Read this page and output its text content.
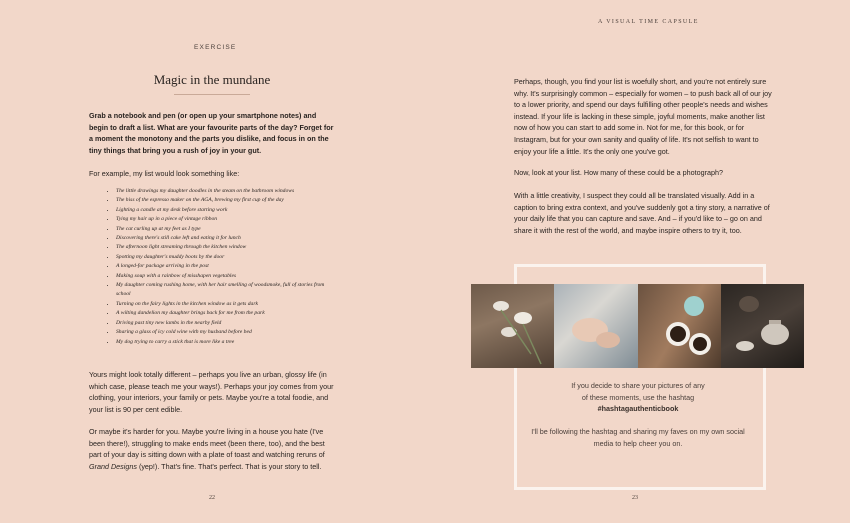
A VISUAL TIME CAPSULE
EXERCISE
Magic in the mundane
Grab a notebook and pen (or open up your smartphone notes) and begin to draft a list. What are your favourite parts of the day? Forget for a moment the monotony and the parts you dislike, and focus in on the tiny things that bring you a rush of joy in your gut.
For example, my list would look something like:
• The little drawings my daughter doodles in the steam on the bathroom windows
• The hiss of the espresso maker on the AGA, brewing my first cup of the day
• Lighting a candle at my desk before starting work
• Tying my hair up in a piece of vintage ribbon
• The cat curling up at my feet as I type
• Discovering there's still cake left and eating it for lunch
• The afternoon light streaming through the kitchen window
• Spotting my daughter's muddy boots by the door
• A longed-for package arriving in the post
• Making soup with a rainbow of misshapen vegetables
• My daughter coming rushing home, with her hair smelling of woodsmoke, full of stories from school
• Turning on the fairy lights in the kitchen window as it gets dark
• A wilting dandelion my daughter brings back for me from the park
• Driving past tiny new lambs in the nearby field
• Sharing a glass of icy cold wine with my husband before bed
• My dog trying to carry a stick that is more like a tree
Yours might look totally different – perhaps you live an urban, glossy life (in which case, please teach me your ways!). Perhaps your joy comes from your clothing, your interiors, your family or pets. Maybe you're a total foodie, and your list is 90 per cent edible.
Or maybe it's harder for you. Maybe you're living in a house you hate (I've been there!), struggling to make ends meet (been there, too), and the best part of your day is sitting down with a plate of toast and watching reruns of Grand Designs (yep!). That's fine. That's perfect. That is your story to tell.
22	23
Perhaps, though, you find your list is woefully short, and you're not entirely sure why. It's surprisingly common – especially for women – to push back all of our joy to a lower priority, and spend our days fulfilling other people's needs and wishes instead. If your life is lacking in these simple, joyful moments, make another list now of how you can start to add some in. Not for me, for this book, or for Instagram, but for your own sanity and quality of life. It's not selfish to want to enjoy your life a little. It's the only one you've got.
Now, look at your list. How many of these could be a photograph?
With a little creativity, I suspect they could all be translated visually. Add in a caption to bring extra context, and you've suddenly got a tiny story, a narrative of your daily life that you can capture and save. And – if you'd like to – go on and share it with the rest of the world, and maybe inspire others to try it, too.
If you decide to share your pictures of any
of these moments, use the hashtag
#hashtagauthenticbook
I'll be following the hashtag and sharing my faves on my own social media to help cheer you on.
